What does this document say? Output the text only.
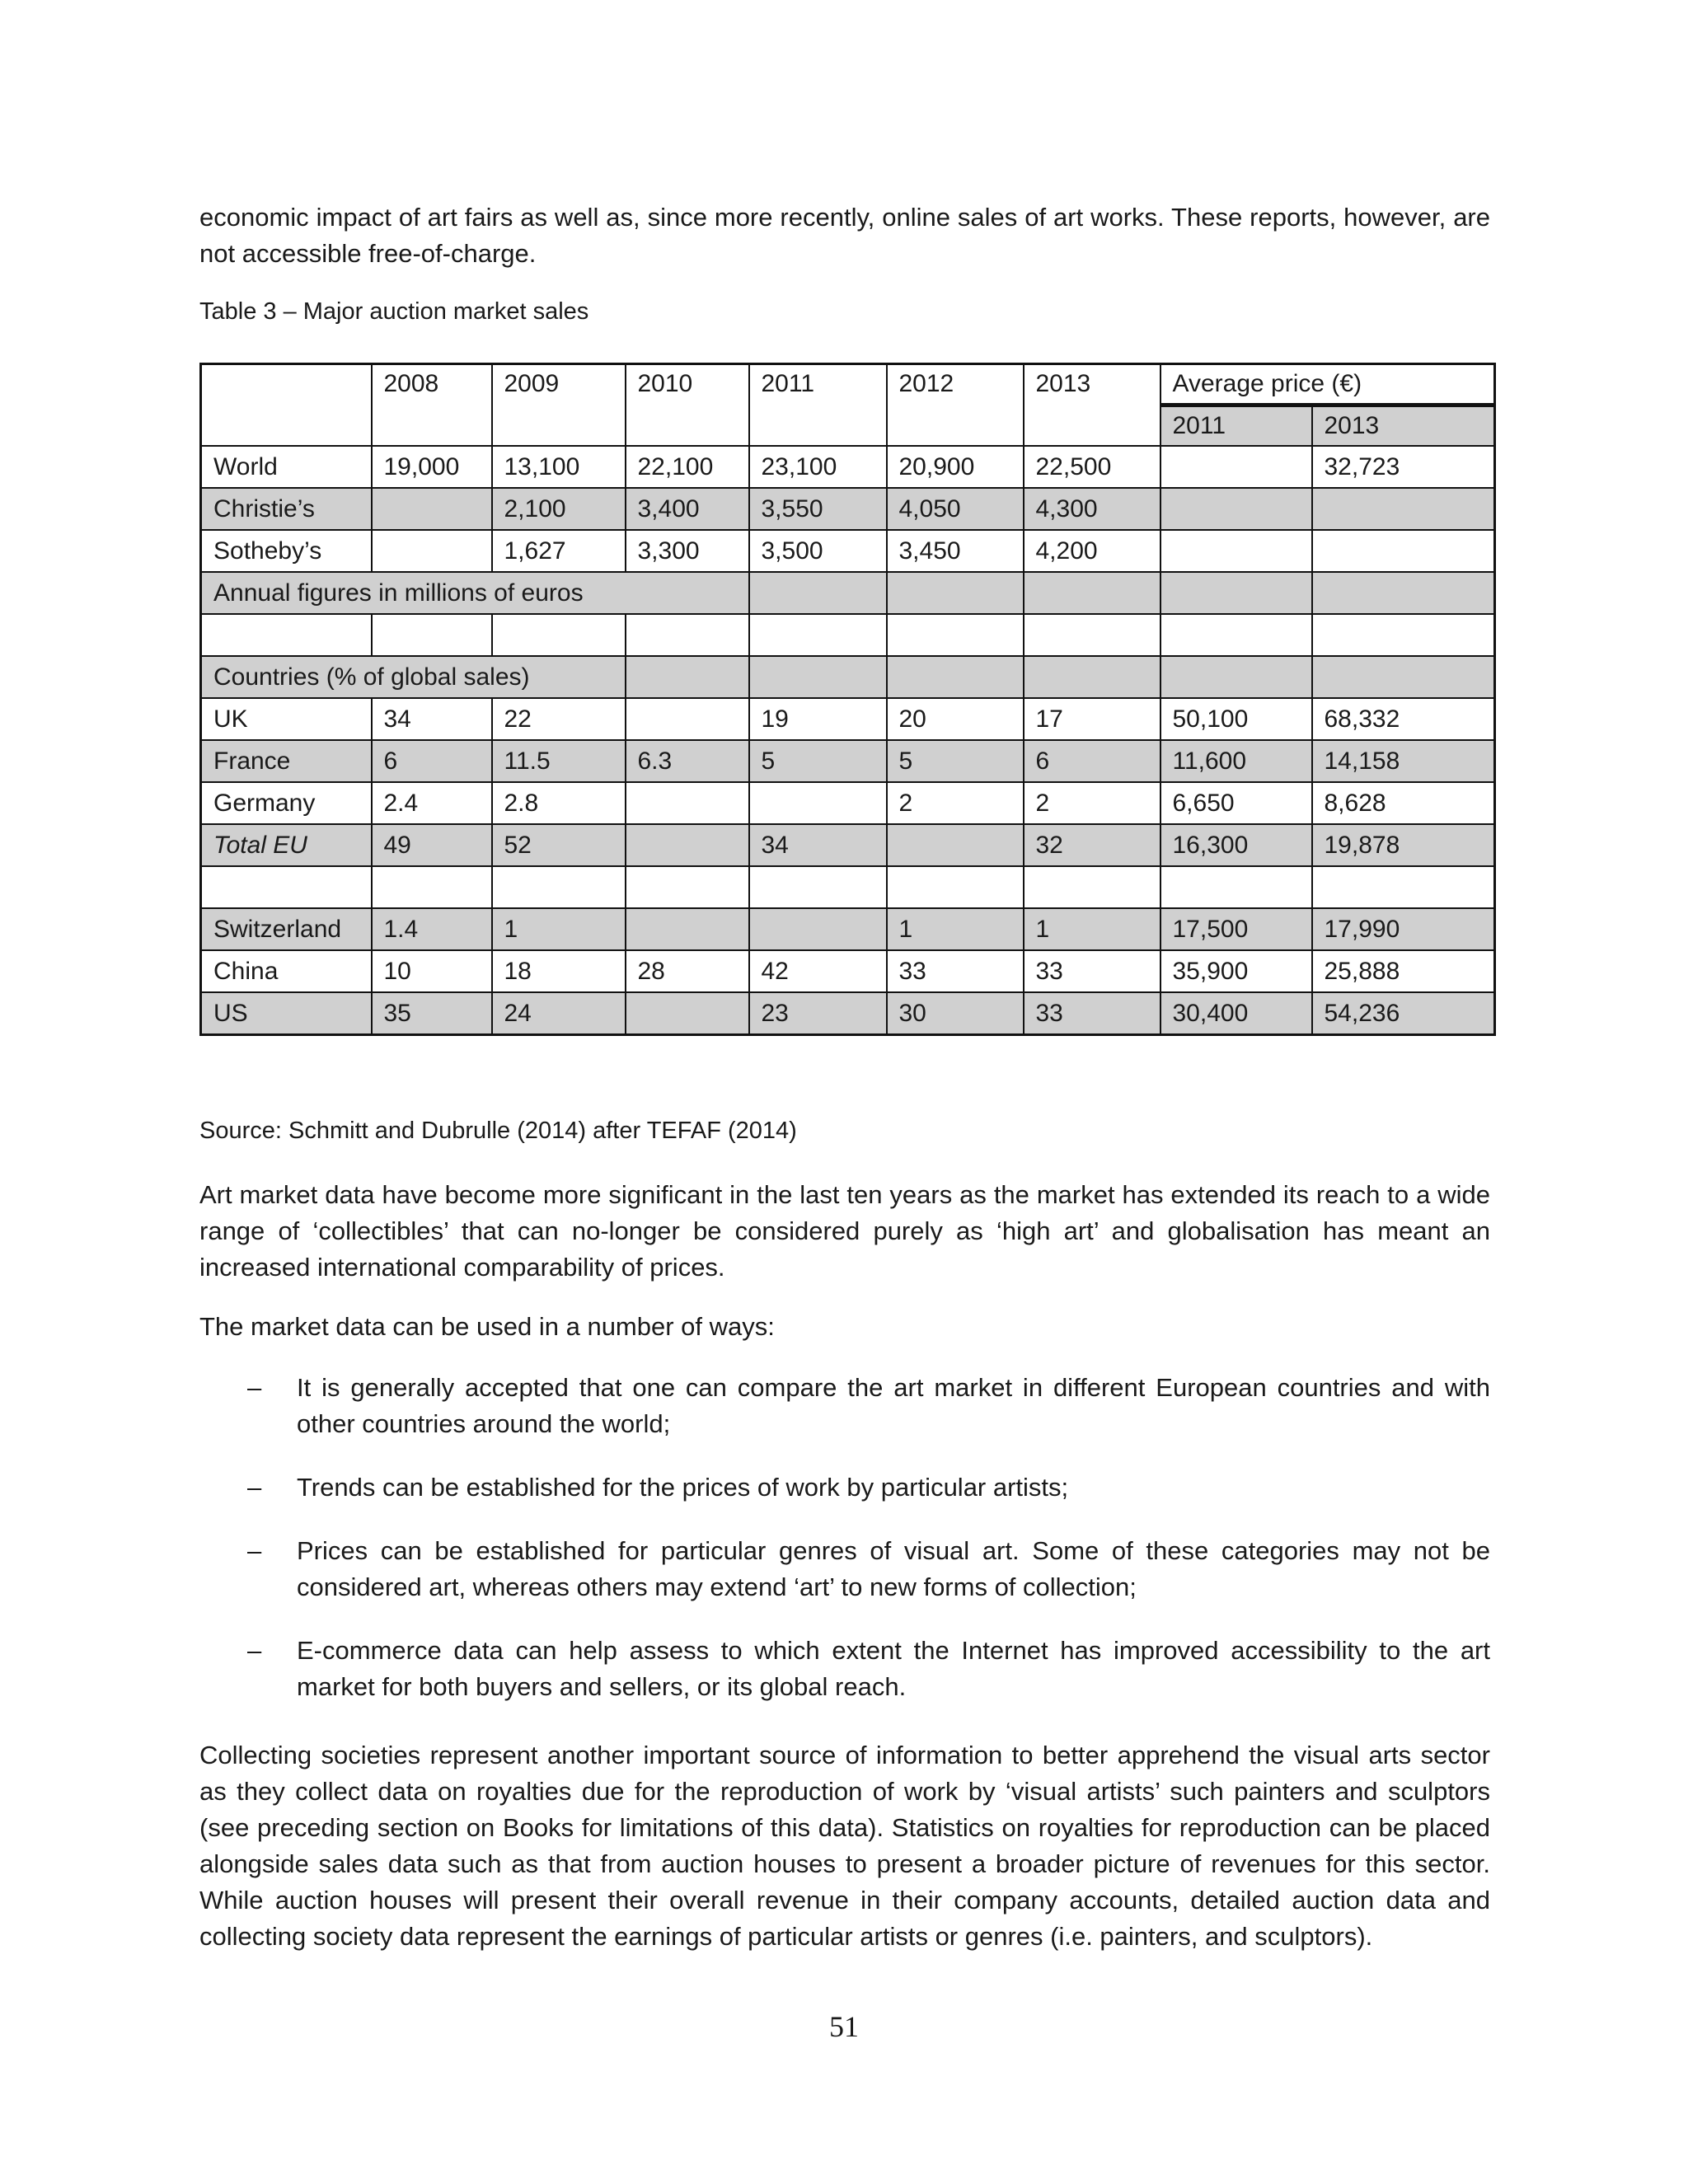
economic impact of art fairs as well as, since more recently, online sales of art works. These reports, however, are not accessible free-of-charge.

Table 3 – Major auction market sales

	2008	2009	2010	2011	2012	2013	Average price (€)	
							2011	2013
World	19,000	13,100	22,100	23,100	20,900	22,500		32,723
Christie’s		2,100	3,400	3,550	4,050	4,300		
Sotheby’s		1,627	3,300	3,500	3,450	4,200		
Annual figures in millions of euros								

Countries (% of global sales)								
UK	34	22		19	20	17	50,100	68,332
France	6	11.5	6.3	5	5	6	11,600	14,158
Germany	2.4	2.8			2	2	6,650	8,628
Total EU	49	52		34		32	16,300	19,878

Switzerland	1.4	1			1	1	17,500	17,990
China	10	18	28	42	33	33	35,900	25,888
US	35	24		23	30	33	30,400	54,236

Source: Schmitt and Dubrulle (2014) after TEFAF (2014)

Art market data have become more significant in the last ten years as the market has extended its reach to a wide range of ‘collectibles’ that can no-longer be considered purely as ‘high art’ and globalisation has meant an increased international comparability of prices.

The market data can be used in a number of ways:

– It is generally accepted that one can compare the art market in different European countries and with other countries around the world;
– Trends can be established for the prices of work by particular artists;
– Prices can be established for particular genres of visual art. Some of these categories may not be considered art, whereas others may extend ‘art’ to new forms of collection;
– E-commerce data can help assess to which extent the Internet has improved accessibility to the art market for both buyers and sellers, or its global reach.

Collecting societies represent another important source of information to better apprehend the visual arts sector as they collect data on royalties due for the reproduction of work by ‘visual artists’ such painters and sculptors (see preceding section on Books for limitations of this data). Statistics on royalties for reproduction can be placed alongside sales data such as that from auction houses to present a broader picture of revenues for this sector. While auction houses will present their overall revenue in their company accounts, detailed auction data and collecting society data represent the earnings of particular artists or genres (i.e. painters, and sculptors).

51
